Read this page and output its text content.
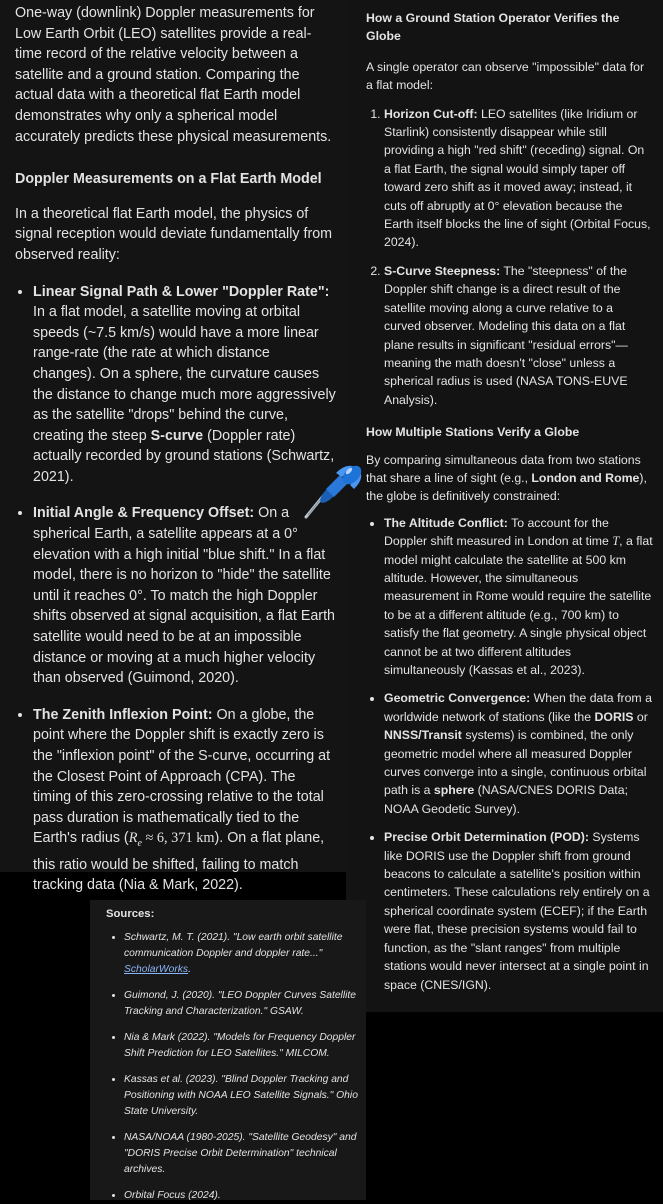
One-way (downlink) Doppler measurements for Low Earth Orbit (LEO) satellites provide a real-time record of the relative velocity between a satellite and a ground station. Comparing the actual data with a theoretical flat Earth model demonstrates why only a spherical model accurately predicts these physical measurements.

Doppler Measurements on a Flat Earth Model

In a theoretical flat Earth model, the physics of signal reception would deviate fundamentally from observed reality:

• Linear Signal Path & Lower "Doppler Rate": In a flat model, a satellite moving at orbital speeds (~7.5 km/s) would have a more linear range-rate (the rate at which distance changes). On a sphere, the curvature causes the distance to change much more aggressively as the satellite "drops" behind the curve, creating the steep S-curve (Doppler rate) actually recorded by ground stations (Schwartz, 2021).
• Initial Angle & Frequency Offset: On a spherical Earth, a satellite appears at a 0° elevation with a high initial "blue shift." In a flat model, there is no horizon to "hide" the satellite until it reaches 0°. To match the high Doppler shifts observed at signal acquisition, a flat Earth satellite would need to be at an impossible distance or moving at a much higher velocity than observed (Guimond, 2020).
• The Zenith Inflexion Point: On a globe, the point where the Doppler shift is exactly zero is the "inflexion point" of the S-curve, occurring at the Closest Point of Approach (CPA). The timing of this zero-crossing relative to the total pass duration is mathematically tied to the Earth's radius ($R_e \approx 6$, 371 km). On a flat plane, this ratio would be shifted, failing to match tracking data (Nia & Mark, 2022).
How a Ground Station Operator Verifies the Globe

A single operator can observe "impossible" data for a flat model:

1. Horizon Cut-off: LEO satellites (like Iridium or Starlink) consistently disappear while still providing a high "red shift" (receding) signal. On a flat Earth, the signal would simply taper off toward zero shift as it moved away; instead, it cuts off abruptly at 0° elevation because the Earth itself blocks the line of sight (Orbital Focus, 2024).
2. S-Curve Steepness: The "steepness" of the Doppler shift change is a direct result of the satellite moving along a curve relative to a curved observer. Modeling this data on a flat plane results in significant "residual errors"—meaning the math doesn't "close" unless a spherical radius is used (NASA TONS-EUVE Analysis).
How Multiple Stations Verify a Globe

By comparing simultaneous data from two stations that share a line of sight (e.g., London and Rome), the globe is definitively constrained:

• The Altitude Conflict: To account for the Doppler shift measured in London at time T, a flat model might calculate the satellite at 500 km altitude. However, the simultaneous measurement in Rome would require the satellite to be at a different altitude (e.g., 700 km) to satisfy the flat geometry. A single physical object cannot be at two different altitudes simultaneously (Kassas et al., 2023).
• Geometric Convergence: When the data from a worldwide network of stations (like the DORIS or NNSS/Transit systems) is combined, the only geometric model where all measured Doppler curves converge into a single, continuous orbital path is a sphere (NASA/CNES DORIS Data; NOAA Geodetic Survey).
• Precise Orbit Determination (POD): Systems like DORIS use the Doppler shift from ground beacons to calculate a satellite's position within centimeters. These calculations rely entirely on a spherical coordinate system (ECEF); if the Earth were flat, these precision systems would fail to function, as the "slant ranges" from multiple stations would never intersect at a single point in space (CNES/IGN).
Sources:
• Schwartz, M. T. (2021). "Low earth orbit satellite communication Doppler and doppler rate..." ScholarWorks.
• Guimond, J. (2020). "LEO Doppler Curves Satellite Tracking and Characterization." GSAW.
• Nia & Mark (2022). "Models for Frequency Doppler Shift Prediction for LEO Satellites." MILCOM.
• Kassas et al. (2023). "Blind Doppler Tracking and Positioning with NOAA LEO Satellite Signals." Ohio State University.
• NASA/NOAA (1980-2025). "Satellite Geodesy" and "DORIS Precise Orbit Determination" technical archives.
• Orbital Focus (2024).
